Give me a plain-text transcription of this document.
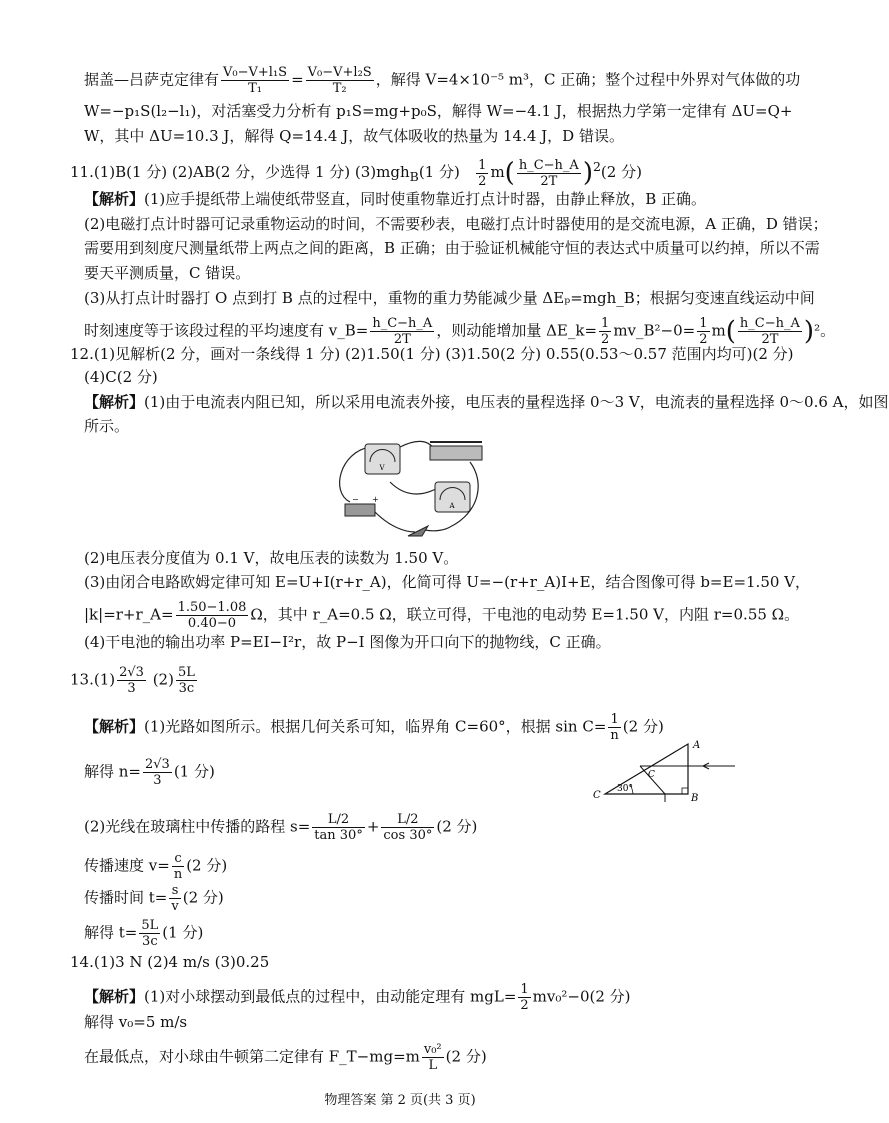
据盖—吕萨克定律有 $\frac{\text{V₀−V+l₁S}}{\text{T₁}} = \frac{\text{V₀−V+l₂S}}{\text{T₂}}$ ，解得 V=4×10⁻⁵ m³，C 正确；整个过程中外界对气体做的功
W=−p₁S(l₂−l₁)，对活塞受力分析有 p₁S=mg+p₀S，解得 W=−4.1 J，根据热力学第一定律有 ΔU=Q+
W，其中 ΔU=10.3 J，解得 Q=14.4 J，故气体吸收的热量为 14.4 J，D 错误。
11.(1)B(1 分) (2)AB(2 分，少选得 1 分) (3)mgh$_B$(1 分) $\frac{1}{2} m( \frac{h\_C-h\_A}{2T} )^2(2$ 分)
【解析】(1)应手提纸带上端使纸带竖直，同时使重物靠近打点计时器，由静止释放，B 正确。
(2)电磁打点计时器可记录重物运动的时间，不需要秒表，电磁打点计时器使用的是交流电源，A 正确，D 错误；
需要用到刻度尺测量纸带上两点之间的距离，B 正确；由于验证机械能守恒的表达式中质量可以约掉，所以不需
要天平测质量，C 错误。
(3)从打点计时器打 O 点到打 B 点的过程中，重物的重力势能减少量 ΔEₚ=mgh_B；根据匀变速直线运动中间
时刻速度等于该段过程的平均速度有 v_B= $\frac{h\_C-h\_A}{2T}$ ，则动能增加量 ΔE_k= $\frac{1}{2}$ mv_B²−0= $\frac{1}{2} m( \frac{h\_C-h\_A}{2T} )^2$。
12.(1)见解析(2 分，画对一条线得 1 分) (2)1.50(1 分) (3)1.50(2 分) 0.55(0.53～0.57 范围内均可)(2 分)
(4)C(2 分)
【解析】(1)由于电流表内阻已知，所以采用电流表外接，电压表的量程选择 0～3 V，电流表的量程选择 0～0.6 A，如图
所示。
V
A
− +
(2)电压表分度值为 0.1 V，故电压表的读数为 1.50 V。
(3)由闭合电路欧姆定律可知 E=U+I(r+r_A)，化简可得 U=−(r+r_A)I+E，结合图像可得 b=E=1.50 V，
|k|=r+r_A= $\frac{1.50-1.08}{0.40-0}$ Ω，其中 r_A=0.5 Ω，联立可得，干电池的电动势 E=1.50 V，内阻 r=0.55 Ω。
(4)干电池的输出功率 P=EI−I²r，故 P−I 图像为开口向下的抛物线，C 正确。
$13.(1) \frac{2√3}{3} (2) \frac{5L}{3c}$
【解析】(1)光路如图所示。根据几何关系可知，临界角 C=60°，根据 $\sin C= \frac{1}{n} (2$ 分)
解得 $n= \frac{2√3}{3} (1$ 分)
A
B
C
30°
C
(2)光线在玻璃柱中传播的路程 $s= \frac{L/2}{\tan 30^\circ} + \frac{L/2}{\cos 30^\circ} (2$ 分)
传播速度 $v= \frac{c}{n} (2$ 分)
传播时间 $t= \frac{s}{v} (2$ 分)
解得 $t= \frac{5L}{3c} (1$ 分)
14.(1)3 N (2)4 m/s (3)0.25
【解析】(1)对小球摆动到最低点的过程中，由动能定理有 $mgL= \frac{1}{2} mv_0^2-0(2$ 分)
解得 v₀=5 m/s
在最低点，对小球由牛顿第二定律有 F_T−mg=m $\frac{\text{v₀²}}{L} (2$ 分)
物理答案 第 2 页(共 3 页)
